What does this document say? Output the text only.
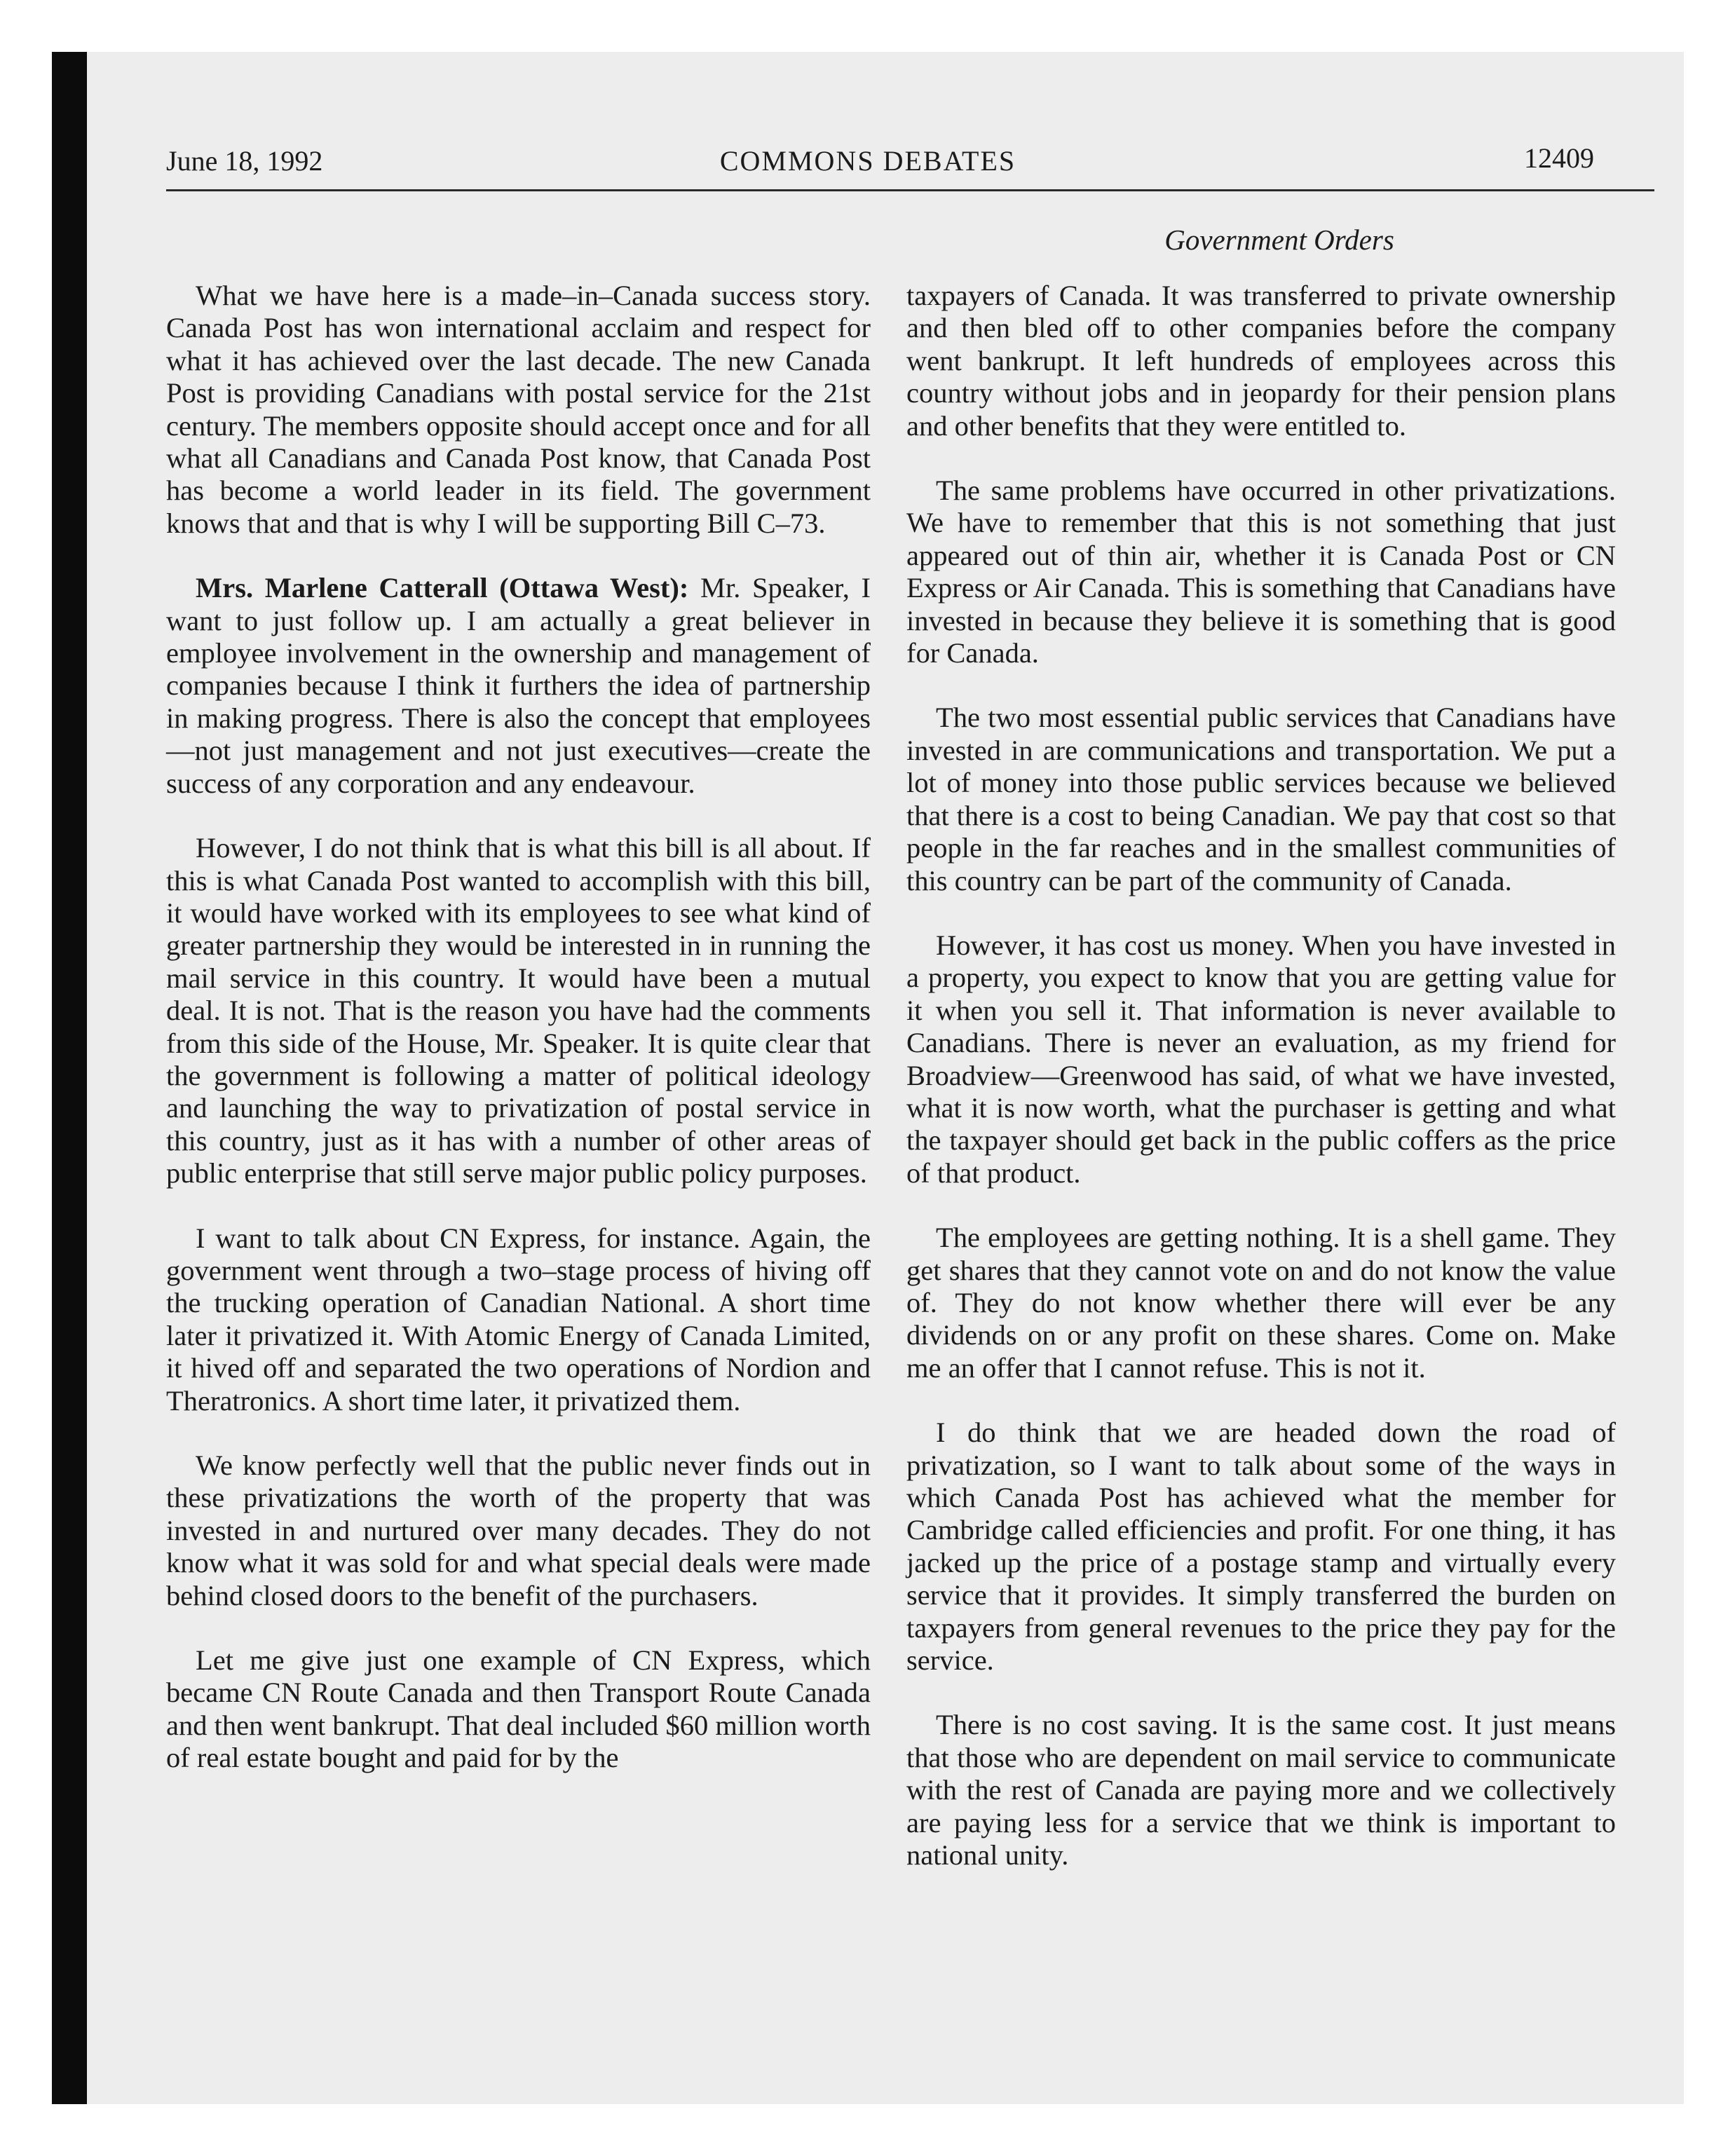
June 18, 1992	COMMONS DEBATES	12409
Government Orders

What we have here is a made–in–Canada success story. Canada Post has won international acclaim and respect for what it has achieved over the last decade. The new Canada Post is providing Canadians with postal service for the 21st century. The members opposite should accept once and for all what all Canadians and Canada Post know, that Canada Post has become a world leader in its field. The government knows that and that is why I will be supporting Bill C–73.

Mrs. Marlene Catterall (Ottawa West): Mr. Speaker, I want to just follow up. I am actually a great believer in employee involvement in the ownership and management of companies because I think it furthers the idea of partnership in making progress. There is also the concept that employees—not just management and not just executives—create the success of any corporation and any endeavour.

However, I do not think that is what this bill is all about. If this is what Canada Post wanted to accomplish with this bill, it would have worked with its employees to see what kind of greater partnership they would be interested in in running the mail service in this country. It would have been a mutual deal. It is not. That is the reason you have had the comments from this side of the House, Mr. Speaker. It is quite clear that the government is following a matter of political ideology and launching the way to privatization of postal service in this country, just as it has with a number of other areas of public enterprise that still serve major public policy purposes.

I want to talk about CN Express, for instance. Again, the government went through a two–stage process of hiving off the trucking operation of Canadian National. A short time later it privatized it. With Atomic Energy of Canada Limited, it hived off and separated the two operations of Nordion and Theratronics. A short time later, it privatized them.

We know perfectly well that the public never finds out in these privatizations the worth of the property that was invested in and nurtured over many decades. They do not know what it was sold for and what special deals were made behind closed doors to the benefit of the purchasers.

Let me give just one example of CN Express, which became CN Route Canada and then Transport Route Canada and then went bankrupt. That deal included $60 million worth of real estate bought and paid for by the

taxpayers of Canada. It was transferred to private ownership and then bled off to other companies before the company went bankrupt. It left hundreds of employees across this country without jobs and in jeopardy for their pension plans and other benefits that they were entitled to.

The same problems have occurred in other privatizations. We have to remember that this is not something that just appeared out of thin air, whether it is Canada Post or CN Express or Air Canada. This is something that Canadians have invested in because they believe it is something that is good for Canada.

The two most essential public services that Canadians have invested in are communications and transportation. We put a lot of money into those public services because we believed that there is a cost to being Canadian. We pay that cost so that people in the far reaches and in the smallest communities of this country can be part of the community of Canada.

However, it has cost us money. When you have invested in a property, you expect to know that you are getting value for it when you sell it. That information is never available to Canadians. There is never an evaluation, as my friend for Broadview—Greenwood has said, of what we have invested, what it is now worth, what the purchaser is getting and what the taxpayer should get back in the public coffers as the price of that product.

The employees are getting nothing. It is a shell game. They get shares that they cannot vote on and do not know the value of. They do not know whether there will ever be any dividends on or any profit on these shares. Come on. Make me an offer that I cannot refuse. This is not it.

I do think that we are headed down the road of privatization, so I want to talk about some of the ways in which Canada Post has achieved what the member for Cambridge called efficiencies and profit. For one thing, it has jacked up the price of a postage stamp and virtually every service that it provides. It simply transferred the burden on taxpayers from general revenues to the price they pay for the service.

There is no cost saving. It is the same cost. It just means that those who are dependent on mail service to communicate with the rest of Canada are paying more and we collectively are paying less for a service that we think is important to national unity.
